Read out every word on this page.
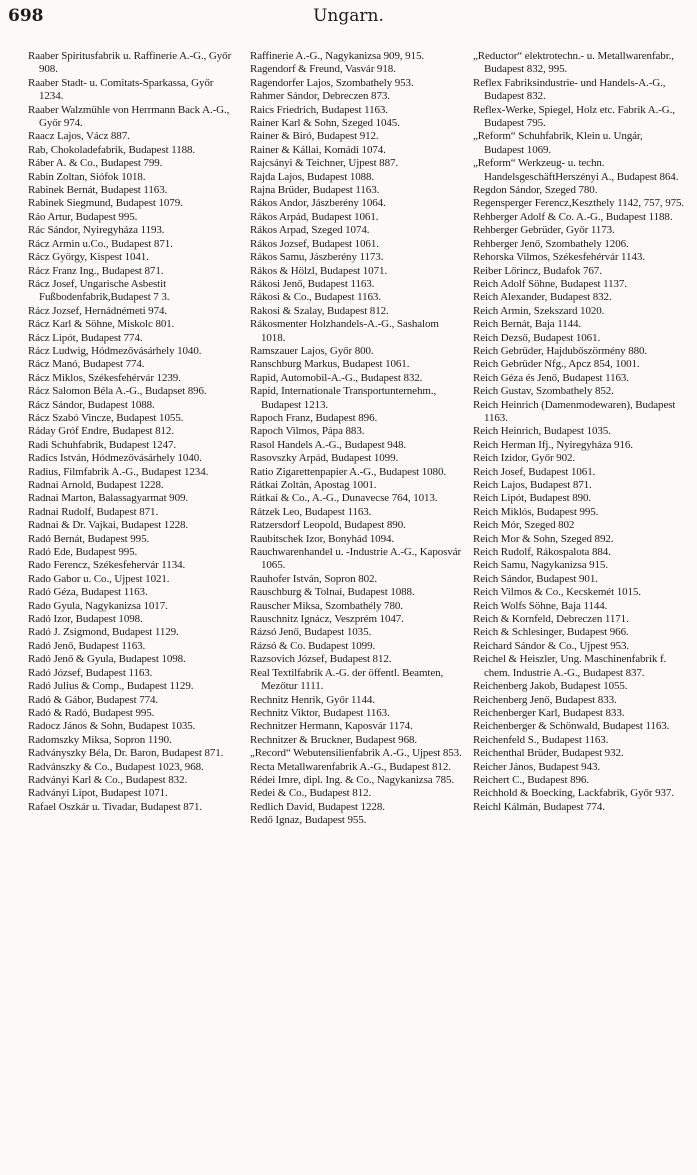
698	Ungarn.

Raaber Spiritusfabrik u. Raffinerie A.-G., Győr 908.

Raaber Stadt- u. Comitats-Sparkassa, Győr 1234.

Raaber Walzmühle von Herrmann Back A.-G., Győr 974.

Raacz Lajos, Vácz 887.

Rab, Chokoladefabrik, Budapest 1188.

Ráber A. & Co., Budapest 799.

Rabin Zoltan, Siófok 1018.

Rabinek Bernát, Budapest 1163.

Rabinek Siegmund, Budapest 1079.

Ráo Artur, Budapest 995.

Rác Sándor, Nyiregyháza 1193.

Rácz Armin u.Co., Budapest 871.

Rácz György, Kispest 1041.

Rácz Franz Ing., Budapest 871.

Rácz Josef, Ungarische Asbestit Fußbodenfabrik,Budapest 7 3.

Rácz Jozsef, Hernádnémeti 974.

Rácz Karl & Söhne, Miskolc 801.

Rácz Lipót, Budapest 774.

Rácz Ludwig, Hódmezővásárhely 1040.

Rácz Manó, Budapest 774.

Rácz Miklos, Székesfehérvár 1239.

Rácz Salomon Béla A.-G., Budapset 896.

Rácz Sándor, Budapest 1088.

Rácz Szabó Vincze, Budapest 1055.

Ráday Gróf Endre, Budapest 812.

Radi Schuhfabrik, Budapest 1247.

Radics István, Hódmezővásárhely 1040.

Radius, Filmfabrik A.-G., Budapest 1234.

Radnai Arnold, Budapest 1228.

Radnai Marton, Balassagyarmat 909.

Radnai Rudolf, Budapest 871.

Radnai & Dr. Vajkai, Budapest 1228.

Radó Bernát, Budapest 995.

Radó Ede, Budapest 995.

Rado Ferencz, Székesfehervár 1134.

Rado Gabor u. Co., Ujpest 1021.

Radó Géza, Budapest 1163.

Rado Gyula, Nagykanizsa 1017.

Radó Izor, Budapest 1098.

Radó J. Zsigmond, Budapest 1129.

Radó Jenő, Budapest 1163.

Radó Jenő & Gyula, Budapest 1098.

Radó József, Budapest 1163.

Radó Julius & Comp., Budapest 1129.

Radó & Gábor, Budapest 774.

Radó & Radó, Budapest 995.

Radocz János & Sohn, Budapest 1035.

Radomszky Miksa, Sopron 1190.

Radványszky Béla, Dr. Baron, Budapest 871.

Radvánszky & Co., Budapest 1023, 968.

Radványi Karl & Co., Budapest 832.

Radványi Lipot, Budapest 1071.

Rafael Oszkár u. Tivadar, Budapest 871.

Raffinerie A.-G., Nagykanizsa 909, 915.

Ragendorf & Freund, Vasvár 918.

Ragendorfer Lajos, Szombathely 953.

Rahmer Sándor, Debreczen 873.

Raics Friedrich, Budapest 1163.

Rainer Karl & Sohn, Szeged 1045.

Rainer & Biró, Budapest 912.

Rainer & Kállai, Komádi 1074.

Rajcsányi & Teichner, Ujpest 887.

Rajda Lajos, Budapest 1088.

Rajna Brüder, Budapest 1163.

Rákos Andor, Jászberény 1064.

Rákos Arpád, Budapest 1061.

Rákos Arpad, Szeged 1074.

Rákos Jozsef, Budapest 1061.

Rákos Samu, Jászberény 1173.

Rákos & Hölzl, Budapest 1071.

Rákosi Jenő, Budapest 1163.

Rákosi & Co., Budapest 1163.

Rakosi & Szalay, Budapest 812.

Rákosmenter Holzhandels-A.-G., Sashalom 1018.

Ramszauer Lajos, Győr 800.

Ranschburg Markus, Budapest 1061.

Rapid, Automobil-A.-G., Budapest 832.

Rapid, Internationale Transportunternehm., Budapest 1213.

Rapoch Franz, Budapest 896.

Rapoch Vilmos, Pápa 883.

Rasol Handels A.-G., Budapest 948.

Rasovszky Arpád, Budapest 1099.

Ratio Zigarettenpapier A.-G., Budapest 1080.

Rátkai Zoltán, Apostag 1001.

Rátkai & Co., A.-G., Dunavecse 764, 1013.

Rátzek Leo, Budapest 1163.

Ratzersdorf Leopold, Budapest 890.

Raubitschek Izor, Bonyhád 1094.

Rauchwarenhandel u. -Industrie A.-G., Kaposvár 1065.

Rauhofer István, Sopron 802.

Rauschburg & Tolnai, Budapest 1088.

Rauscher Miksa, Szombathély 780.

Rauschnitz Ignácz, Veszprém 1047.

Rázsó Jenő, Budapest 1035.

Rázsó & Co. Budapest 1099.

Razsovich József, Budapest 812.

Real Textilfabrik A.-G. der öffentl. Beamten, Mezőtur 1111.

Rechnitz Henrik, Győr 1144.

Rechnitz Viktor, Budapest 1163.

Rechnitzer Hermann, Kaposvár 1174.

Rechnitzer & Bruckner, Budapest 968.

„Record“ Webutensilienfabrik A.-G., Ujpest 853.

Recta Metallwarenfabrik A.-G., Budapest 812.

Rédei Imre, dipl. Ing. & Co., Nagykanizsa 785.

Redei & Co., Budapest 812.

Redlich David, Budapest 1228.

Redő Ignaz, Budapest 955.

„Reductor“ elektrotechn.- u. Metallwarenfabr., Budapest 832, 995.

Reflex Fabriksindustrie- und Handels-A.-G., Budapest 832.

Reflex-Werke, Spiegel, Holz etc. Fabrik A.-G., Budapest 795.

„Reform“ Schuhfabrik, Klein u. Ungár, Budapest 1069.

„Reform“ Werkzeug- u. techn. HandelsgeschäftHerszényi A., Budapest 864.

Regdon Sándor, Szeged 780.

Regensperger Ferencz,Keszthely 1142, 757, 975.

Rehberger Adolf & Co. A.-G., Budapest 1188.

Rehberger Gebrüder, Győr 1173.

Rehberger Jenő, Szombathely 1206.

Rehorska Vilmos, Székesfehérvár 1143.

Reiber Lőrincz, Budafok 767.

Reich Adolf Söhne, Budapest 1137.

Reich Alexander, Budapest 832.

Reich Armin, Szekszard 1020.

Reich Bernát, Baja 1144.

Reich Dezső, Budapest 1061.

Reich Gebrüder, Hajdubőszörmény 880.

Reich Gebrüder Nfg., Apcz 854, 1001.

Reich Géza és Jenő, Budapest 1163.

Reich Gustav, Szombathely 852.

Reich Heinrich (Damenmodewaren), Budapest 1163.

Reich Heinrich, Budapest 1035.

Reich Herman Ifj., Nyiregyháza 916.

Reich Izidor, Győr 902.

Reich Josef, Budapest 1061.

Reich Lajos, Budapest 871.

Reich Lipót, Budapest 890.

Reich Miklós, Budapest 995.

Reich Mór, Szeged 802

Reich Mor & Sohn, Szeged 892.

Reich Rudolf, Rákospalota 884.

Reich Samu, Nagykanizsa 915.

Reich Sándor, Budapest 901.

Reich Vilmos & Co., Kecskemét 1015.

Reich Wolfs Söhne, Baja 1144.

Reich & Kornfeld, Debreczen 1171.

Reich & Schlesinger, Budapest 966.

Reichard Sándor & Co., Ujpest 953.

Reichel & Heiszler, Ung. Maschinenfabrik f. chem. Industrie A.-G., Budapest 837.

Reichenberg Jakob, Budapest 1055.

Reichenberg Jenő, Budapest 833.

Reichenberger Karl, Budapest 833.

Reichenberger & Schönwald, Budapest 1163.

Reichenfeld S., Budapest 1163.

Reichenthal Brüder, Budapest 932.

Reicher János, Budapest 943.

Reichert C., Budapest 896.

Reichhold & Boecking, Lackfabrik, Győr 937.

Reichl Kálmán, Budapest 774.
